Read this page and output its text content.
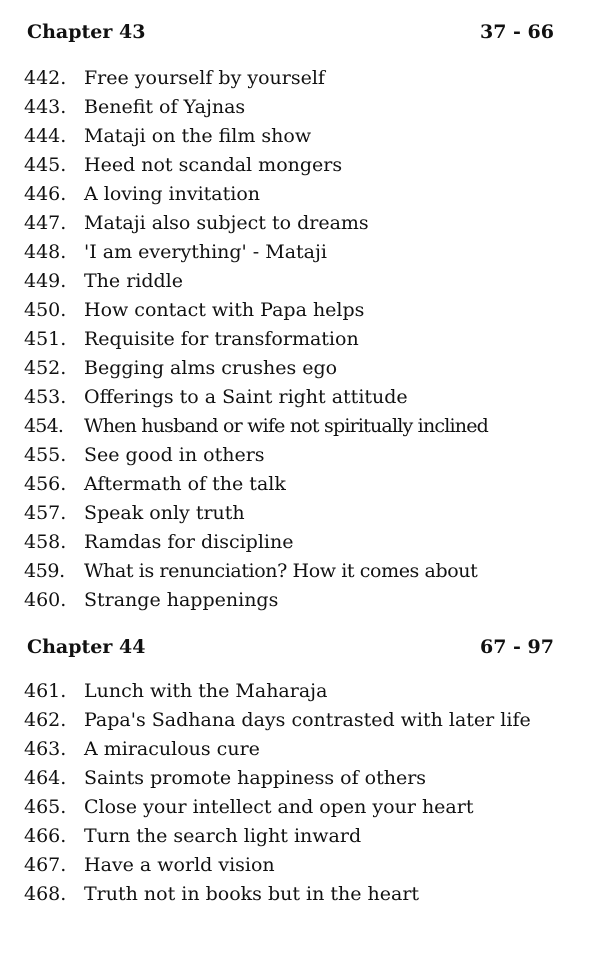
Chapter 43	37 - 66
442. Free yourself by yourself
443. Benefit of Yajnas
444. Mataji on the film show
445. Heed not scandal mongers
446. A loving invitation
447. Mataji also subject to dreams
448. 'I am everything' - Mataji
449. The riddle
450. How contact with Papa helps
451. Requisite for transformation
452. Begging alms crushes ego
453. Offerings to a Saint right attitude
454.	When husband or wife not spiritually inclined
455. See good in others
456. Aftermath of the talk
457. Speak only truth
458. Ramdas for discipline
459.	What is renunciation? How it comes about
460. Strange happenings
Chapter 44	67 - 97
461. Lunch with the Maharaja
462. Papa's Sadhana days contrasted with later life
463. A miraculous cure
464. Saints promote happiness of others
465. Close your intellect and open your heart
466. Turn the search light inward
467. Have a world vision
468. Truth not in books but in the heart
